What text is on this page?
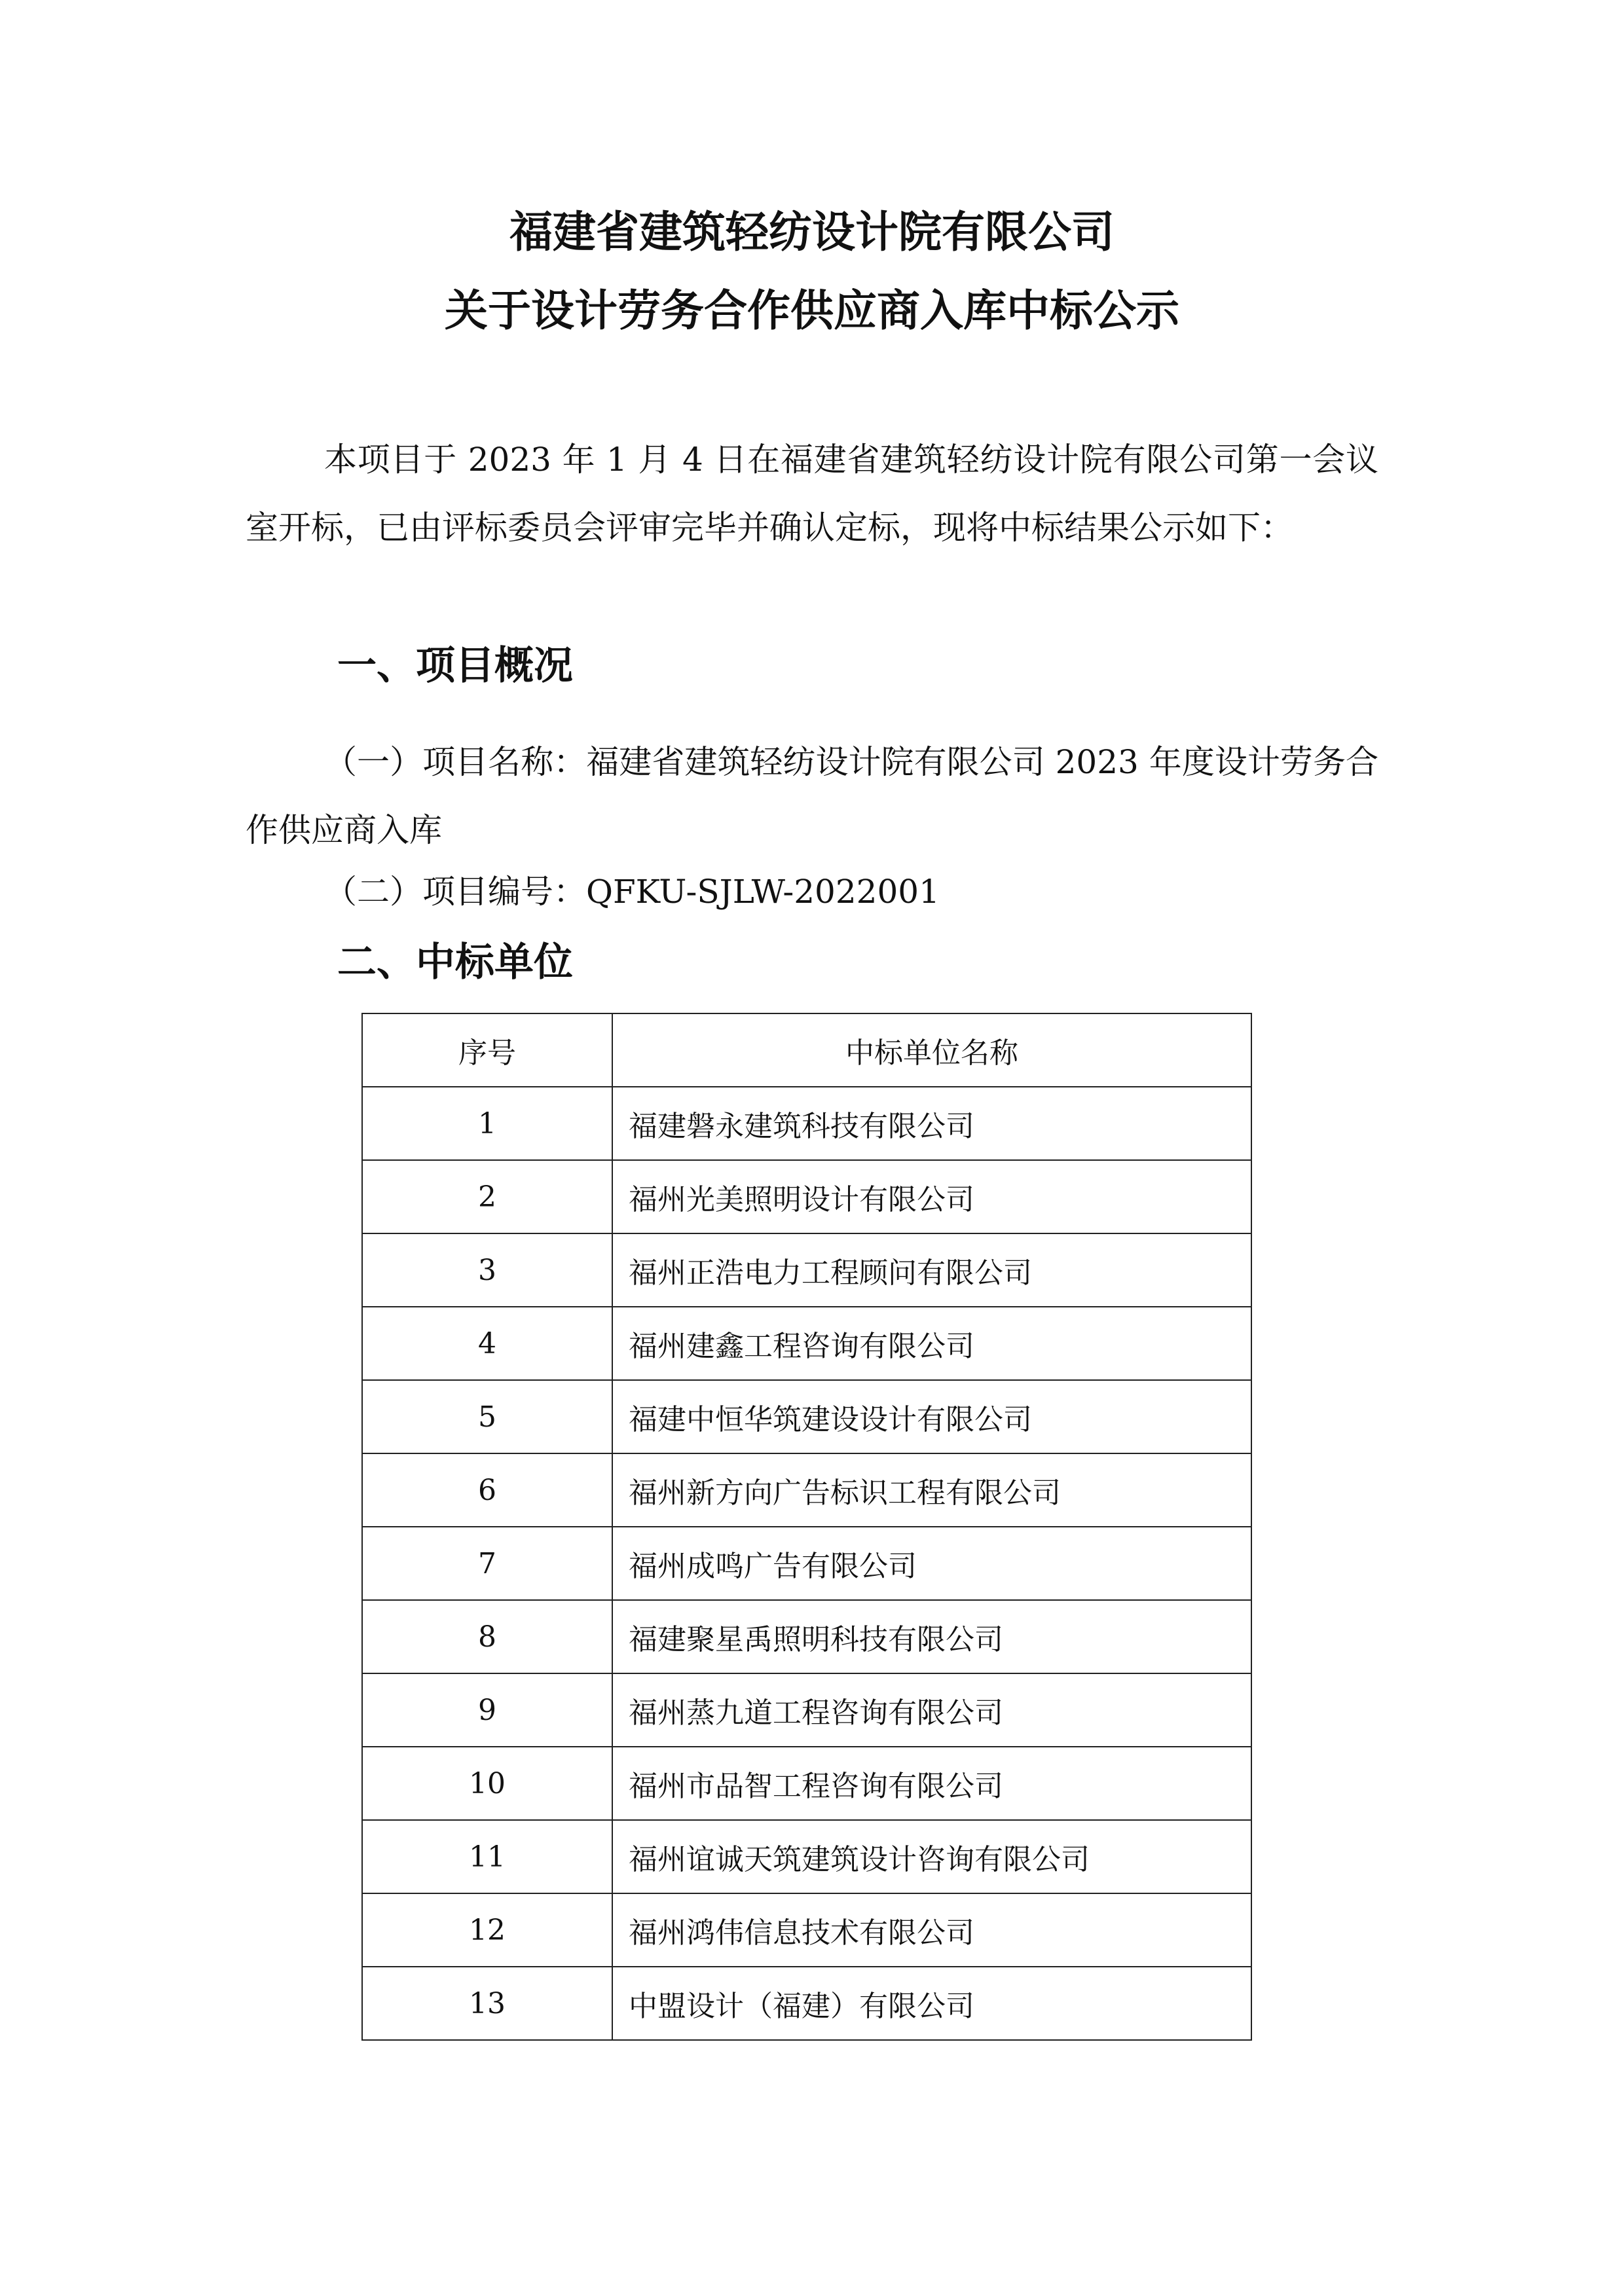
福建省建筑轻纺设计院有限公司
关于设计劳务合作供应商入库中标公示

本项目于 2023 年 1 月 4 日在福建省建筑轻纺设计院有限公司第一会议室开标，已由评标委员会评审完毕并确认定标，现将中标结果公示如下：

一、项目概况

（一）项目名称：福建省建筑轻纺设计院有限公司 2023 年度设计劳务合作供应商入库

（二）项目编号：QFKU-SJLW-2022001

二、中标单位
序号	中标单位名称
1	福建磐永建筑科技有限公司
2	福州光美照明设计有限公司
3	福州正浩电力工程顾问有限公司
4	福州建鑫工程咨询有限公司
5	福建中恒华筑建设设计有限公司
6	福州新方向广告标识工程有限公司
7	福州成鸣广告有限公司
8	福建聚星禹照明科技有限公司
9	福州蒸九道工程咨询有限公司
10	福州市品智工程咨询有限公司
11	福州谊诚天筑建筑设计咨询有限公司
12	福州鸿伟信息技术有限公司
13	中盟设计（福建）有限公司
